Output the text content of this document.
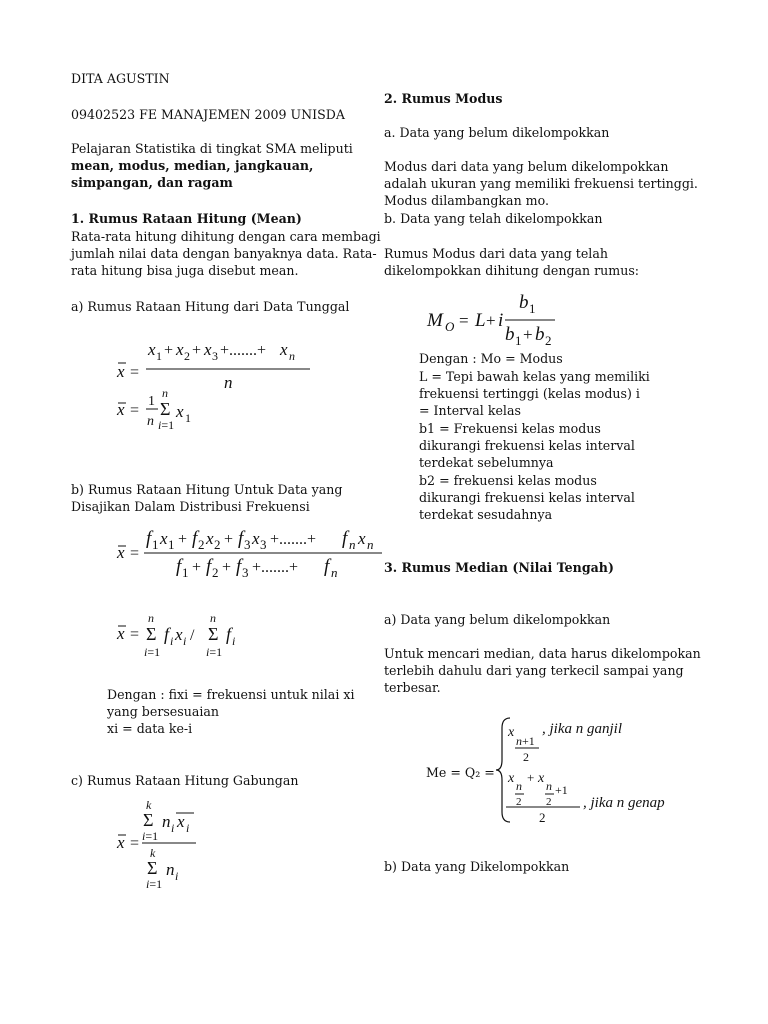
DITA AGUSTIN
09402523 FE MANAJEMEN 2009 UNISDA
Pelajaran Statistika di tingkat SMA meliputi mean, modus, median, jangkauan, simpangan, dan ragam
1. Rumus Rataan Hitung (Mean)
Rata-rata hitung dihitung dengan cara membagi jumlah nilai data dengan banyaknya data. Rata-rata hitung bisa juga disebut mean.
a) Rumus Rataan Hitung dari Data Tunggal
x =
x 1 + x 2 + x 3 +.......+ x n
n
x =
1
n
n
Σ
i=1
x 1
b) Rumus Rataan Hitung Untuk Data yang
Disajikan Dalam Distribusi Frekuensi
x =
f 1 x 1 + f 2 x 2 + f 3 x 3 +.......+ f n x n
f 1 + f 2 + f 3 +.......+ f n
x =
n
Σ
i=1
f i x i /
n
Σ
i=1
f i
Dengan : fixi = frekuensi untuk nilai xi yang bersesuaian
xi = data ke-i
c) Rumus Rataan Hitung Gabungan
x =
k
Σ
i=1
n i x i
k
Σ
i=1
n i
2. Rumus Modus
a. Data yang belum dikelompokkan
Modus dari data yang belum dikelompokkan adalah ukuran yang memiliki frekuensi tertinggi. Modus dilambangkan mo.
b. Data yang telah dikelompokkan
Rumus Modus dari data yang telah dikelompokkan dihitung dengan rumus:
M O = L + i
b 1
b 1 + b 2
Dengan : Mo = Modus
L = Tepi bawah kelas yang memiliki frekuensi tertinggi (kelas modus) i = Interval kelas
b1 = Frekuensi kelas modus dikurangi frekuensi kelas interval terdekat sebelumnya
b2 = frekuensi kelas modus dikurangi frekuensi kelas interval terdekat sesudahnya
3. Rumus Median (Nilai Tengah)
a) Data yang belum dikelompokkan
Untuk mencari median, data harus dikelompokan terlebih dahulu dari yang terkecil sampai yang terbesar.
Me = Q₂ =
x
n+1
2
x n
2
+ x n
2
+1
2
, jika n ganjil
, jika n genap
b) Data yang Dikelompokkan
